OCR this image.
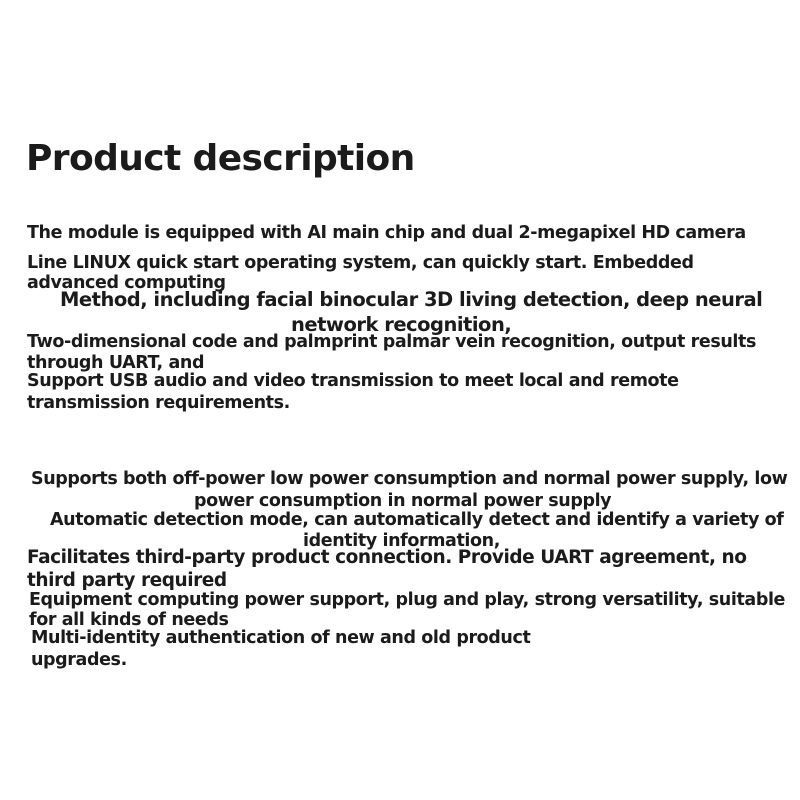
Product description

The module is equipped with AI main chip and dual 2-megapixel HD camera

Line LINUX quick start operating system, can quickly start. Embedded

advanced computing

Method, including facial binocular 3D living detection, deep neural

network recognition,

Two-dimensional code and palmprint palmar vein recognition, output results

through UART, and

Support USB audio and video transmission to meet local and remote

transmission requirements.

Supports both off-power low power consumption and normal power supply, low

power consumption in normal power supply

Automatic detection mode, can automatically detect and identify a variety of

identity information,

Facilitates third-party product connection. Provide UART agreement, no

third party required

Equipment computing power support, plug and play, strong versatility, suitable

for all kinds of needs

Multi-identity authentication of new and old product

upgrades.
